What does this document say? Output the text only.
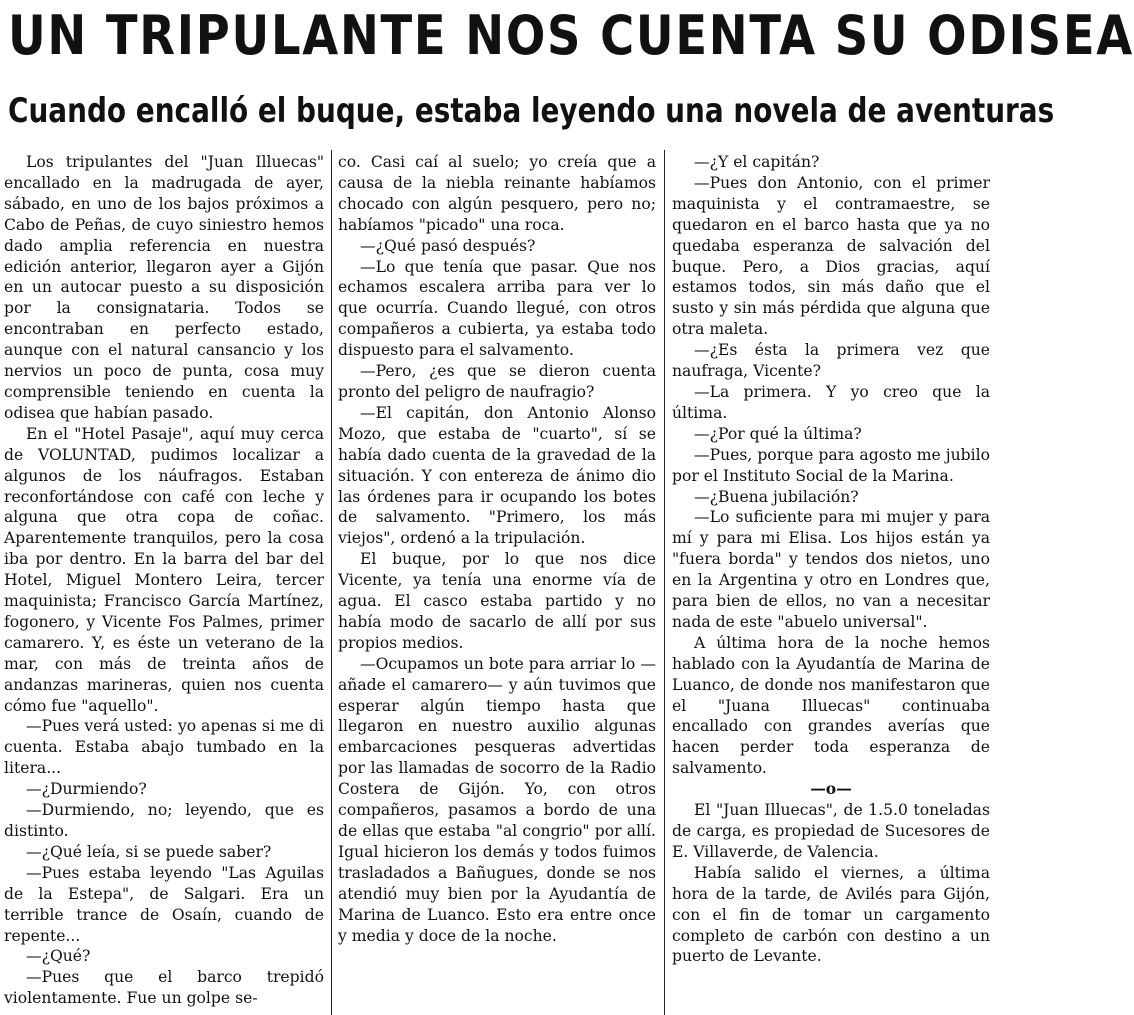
UN TRIPULANTE NOS CUENTA SU ODISEA
Cuando encalló el buque, estaba leyendo una novela de aventuras

Los tripulantes del "Juan Illuecas" encallado en la madrugada de ayer, sábado, en uno de los bajos próximos a Cabo de Peñas, de cuyo siniestro hemos dado amplia referencia en nuestra edición anterior, llegaron ayer a Gijón en un autocar puesto a su disposición por la consignataria. Todos se encontraban en perfecto estado, aunque con el natural cansancio y los nervios un poco de punta, cosa muy comprensible teniendo en cuenta la odisea que habían pasado.

En el "Hotel Pasaje", aquí muy cerca de VOLUNTAD, pudimos localizar a algunos de los náufragos. Estaban reconfortándose con café con leche y alguna que otra copa de coñac. Aparentemente tranquilos, pero la cosa iba por dentro. En la barra del bar del Hotel, Miguel Montero Leira, tercer maquinista; Francisco García Martínez, fogonero, y Vicente Fos Palmes, primer camarero. Y, es éste un veterano de la mar, con más de treinta años de andanzas marineras, quien nos cuenta cómo fue "aquello".

—Pues verá usted: yo apenas si me di cuenta. Estaba abajo tumbado en la litera...

—¿Durmiendo?

—Durmiendo, no; leyendo, que es distinto.

—¿Qué leía, si se puede saber?

—Pues estaba leyendo "Las Aguilas de la Estepa", de Salgari. Era un terrible trance de Osaín, cuando de repente...

—¿Qué?

—Pues que el barco trepidó violentamente. Fue un golpe se-

co. Casi caí al suelo; yo creía que a causa de la niebla reinante habíamos chocado con algún pesquero, pero no; habíamos "picado" una roca.

—¿Qué pasó después?

—Lo que tenía que pasar. Que nos echamos escalera arriba para ver lo que ocurría. Cuando llegué, con otros compañeros a cubierta, ya estaba todo dispuesto para el salvamento.

—Pero, ¿es que se dieron cuenta pronto del peligro de naufragio?

—El capitán, don Antonio Alonso Mozo, que estaba de "cuarto", sí se había dado cuenta de la gravedad de la situación. Y con entereza de ánimo dio las órdenes para ir ocupando los botes de salvamento. "Primero, los más viejos", ordenó a la tripulación.

El buque, por lo que nos dice Vicente, ya tenía una enorme vía de agua. El casco estaba partido y no había modo de sacarlo de allí por sus propios medios.

—Ocupamos un bote para arriar lo —añade el camarero— y aún tuvimos que esperar algún tiempo hasta que llegaron en nuestro auxilio algunas embarcaciones pesqueras advertidas por las llamadas de socorro de la Radio Costera de Gijón. Yo, con otros compañeros, pasamos a bordo de una de ellas que estaba "al congrio" por allí. Igual hicieron los demás y todos fuimos trasladados a Bañugues, donde se nos atendió muy bien por la Ayudantía de Marina de Luanco. Esto era entre once y media y doce de la noche.

—¿Y el capitán?

—Pues don Antonio, con el primer maquinista y el contramaestre, se quedaron en el barco hasta que ya no quedaba esperanza de salvación del buque. Pero, a Dios gracias, aquí estamos todos, sin más daño que el susto y sin más pérdida que alguna que otra maleta.

—¿Es ésta la primera vez que naufraga, Vicente?

—La primera. Y yo creo que la última.

—¿Por qué la última?

—Pues, porque para agosto me jubilo por el Instituto Social de la Marina.

—¿Buena jubilación?

—Lo suficiente para mi mujer y para mí y para mi Elisa. Los hijos están ya "fuera borda" y tendos dos nietos, uno en la Argentina y otro en Londres que, para bien de ellos, no van a necesitar nada de este "abuelo universal".

A última hora de la noche hemos hablado con la Ayudantía de Marina de Luanco, de donde nos manifestaron que el "Juana Illuecas" continuaba encallado con grandes averías que hacen perder toda esperanza de salvamento.

—o—

El "Juan Illuecas", de 1.5.0 toneladas de carga, es propiedad de Sucesores de E. Villaverde, de Valencia.

Había salido el viernes, a última hora de la tarde, de Avilés para Gijón, con el fin de tomar un cargamento completo de carbón con destino a un puerto de Levante.
